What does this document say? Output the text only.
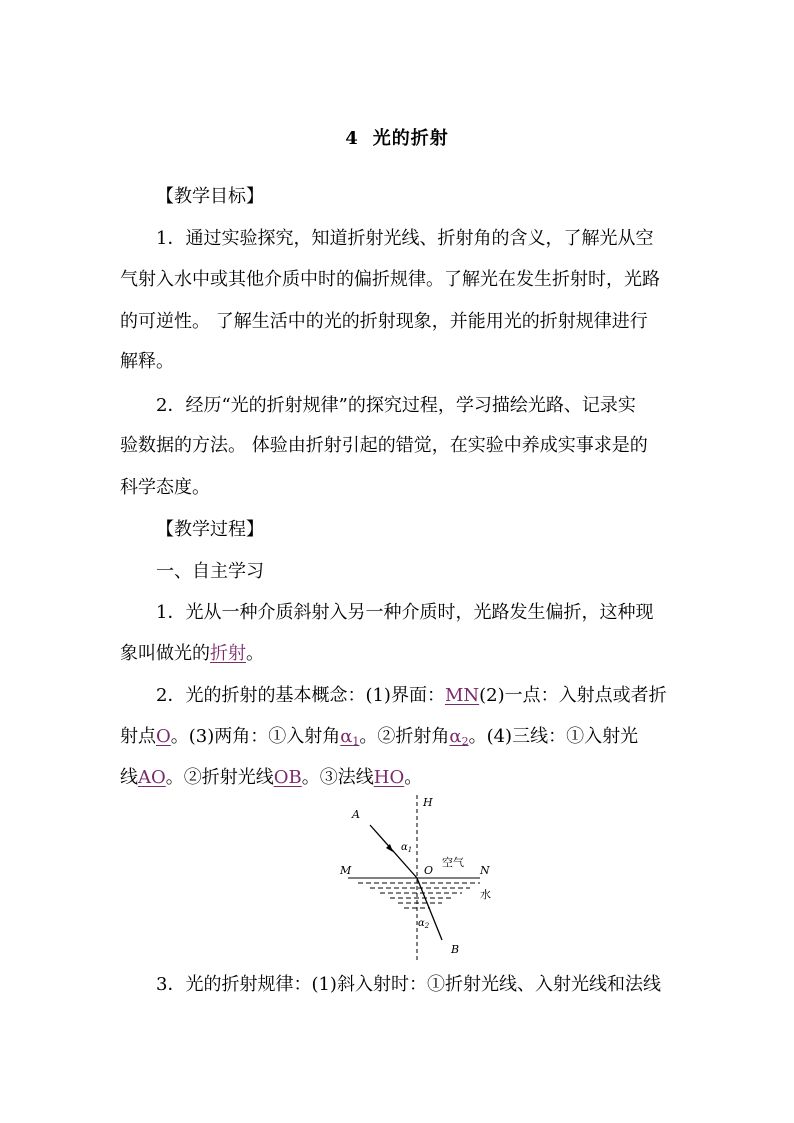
4 光的折射
【教学目标】
1．通过实验探究，知道折射光线、折射角的含义，了解光从空
气射入水中或其他介质中时的偏折规律。了解光在发生折射时，光路
的可逆性。 了解生活中的光的折射现象，并能用光的折射规律进行
解释。
2．经历“光的折射规律”的探究过程，学习描绘光路、记录实
验数据的方法。 体验由折射引起的错觉，在实验中养成实事求是的
科学态度。
【教学过程】
一、自主学习
1．光从一种介质斜射入另一种介质时，光路发生偏折，这种现
象叫做光的折射。
2．光的折射的基本概念：(1)界面：MN(2)一点：入射点或者折
射点O。(3)两角：①入射角$\alpha_1$。②折射角$\alpha_2$。(4)三线：①入射光
线AO。②折射光线OB。③法线HO。
A
H
M	O	N
B
$\alpha_1$
$\alpha_2$
空气
水
3．光的折射规律：(1)斜入射时：①折射光线、入射光线和法线
